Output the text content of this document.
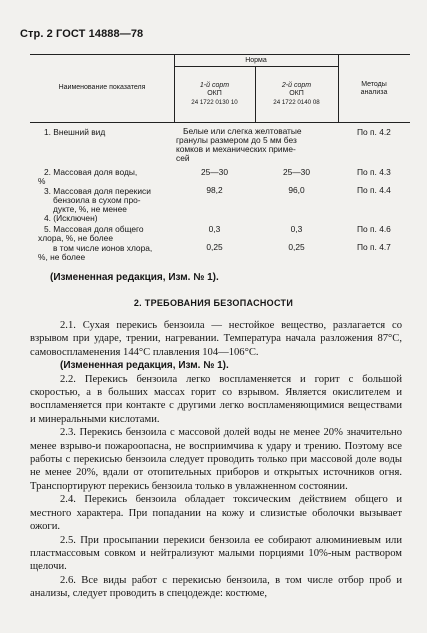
Стр. 2 ГОСТ 14888—78
Наименование показателя
Норма
Методы
анализа
1-й сорт
ОКП
24 1722 0130 10
2-й сорт
ОКП
24 1722 0140 08
1. Внешний вид	Белые или слегка желтоватые
гранулы размером до 5 мм без
комков и механических приме-
сей
По п. 4.2
2. Массовая доля воды,
%
25—30	25—30	По п. 4.3
3. Массовая доля перекиси
бензоила в сухом про-
дукте, %, не менее
98,2	96,0	По п. 4.4
4. (Исключен)
5. Массовая доля общего
хлора, %, не более
0,3	0,3	По п. 4.6
в том числе ионов хлора,
%, не более
0,25	0,25	По п. 4.7
(Измененная редакция, Изм. № 1).
2. ТРЕБОВАНИЯ БЕЗОПАСНОСТИ

2.1. Сухая перекись бензоила — нестойкое вещество, разлагается со взрывом при ударе, трении, нагревании. Температура начала разложения 87°C, самовоспламенения 144°C плавления 104—106°C.

(Измененная редакция, Изм. № 1).

2.2. Перекись бензоила легко воспламеняется и горит с большой скоростью, а в больших массах горит со взрывом. Является окислителем и воспламеняется при контакте с другими легко воспламеняющимися веществами и минеральными кислотами.

2.3. Перекись бензоила с массовой долей воды не менее 20% значительно менее взрыво-и пожароопасна, не восприимчива к удару и трению. Поэтому все работы с перекисью бензоила следует проводить только при массовой доле воды не менее 20%, вдали от отопительных приборов и открытых источников огня. Транспортируют перекись бензоила только в увлажненном состоянии.

2.4. Перекись бензоила обладает токсическим действием общего и местного характера. При попадании на кожу и слизистые оболочки вызывает ожоги.

2.5. При просыпании перекиси бензоила ее собирают алюминиевым или пластмассовым совком и нейтрализуют малыми порциями 10%-ным раствором щелочи.

2.6. Все виды работ с перекисью бензоила, в том числе отбор проб и анализы, следует проводить в спецодежде: костюме,
